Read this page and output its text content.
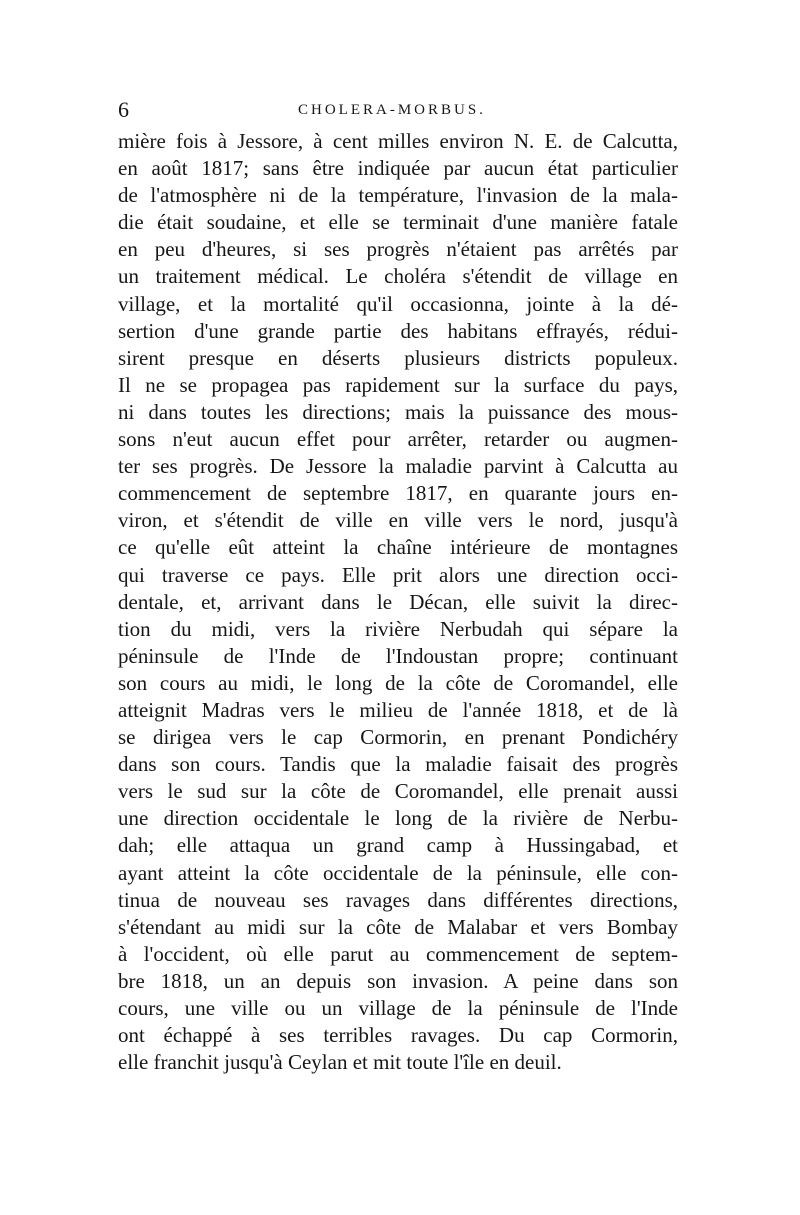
6	CHOLERA-MORBUS.
mière fois à Jessore, à cent milles environ N. E. de Calcutta,
en août 1817; sans être indiquée par aucun état particulier
de l'atmosphère ni de la température, l'invasion de la mala-
die était soudaine, et elle se terminait d'une manière fatale
en peu d'heures, si ses progrès n'étaient pas arrêtés par
un traitement médical. Le choléra s'étendit de village en
village, et la mortalité qu'il occasionna, jointe à la dé-
sertion d'une grande partie des habitans effrayés, rédui-
sirent presque en déserts plusieurs districts populeux.
Il ne se propagea pas rapidement sur la surface du pays,
ni dans toutes les directions; mais la puissance des mous-
sons n'eut aucun effet pour arrêter, retarder ou augmen-
ter ses progrès. De Jessore la maladie parvint à Calcutta au
commencement de septembre 1817, en quarante jours en-
viron, et s'étendit de ville en ville vers le nord, jusqu'à
ce qu'elle eût atteint la chaîne intérieure de montagnes
qui traverse ce pays. Elle prit alors une direction occi-
dentale, et, arrivant dans le Décan, elle suivit la direc-
tion du midi, vers la rivière Nerbudah qui sépare la
péninsule de l'Inde de l'Indoustan propre; continuant
son cours au midi, le long de la côte de Coromandel, elle
atteignit Madras vers le milieu de l'année 1818, et de là
se dirigea vers le cap Cormorin, en prenant Pondichéry
dans son cours. Tandis que la maladie faisait des progrès
vers le sud sur la côte de Coromandel, elle prenait aussi
une direction occidentale le long de la rivière de Nerbu-
dah; elle attaqua un grand camp à Hussingabad, et
ayant atteint la côte occidentale de la péninsule, elle con-
tinua de nouveau ses ravages dans différentes directions,
s'étendant au midi sur la côte de Malabar et vers Bombay
à l'occident, où elle parut au commencement de septem-
bre 1818, un an depuis son invasion. A peine dans son
cours, une ville ou un village de la péninsule de l'Inde
ont échappé à ses terribles ravages. Du cap Cormorin,
elle franchit jusqu'à Ceylan et mit toute l'île en deuil.
